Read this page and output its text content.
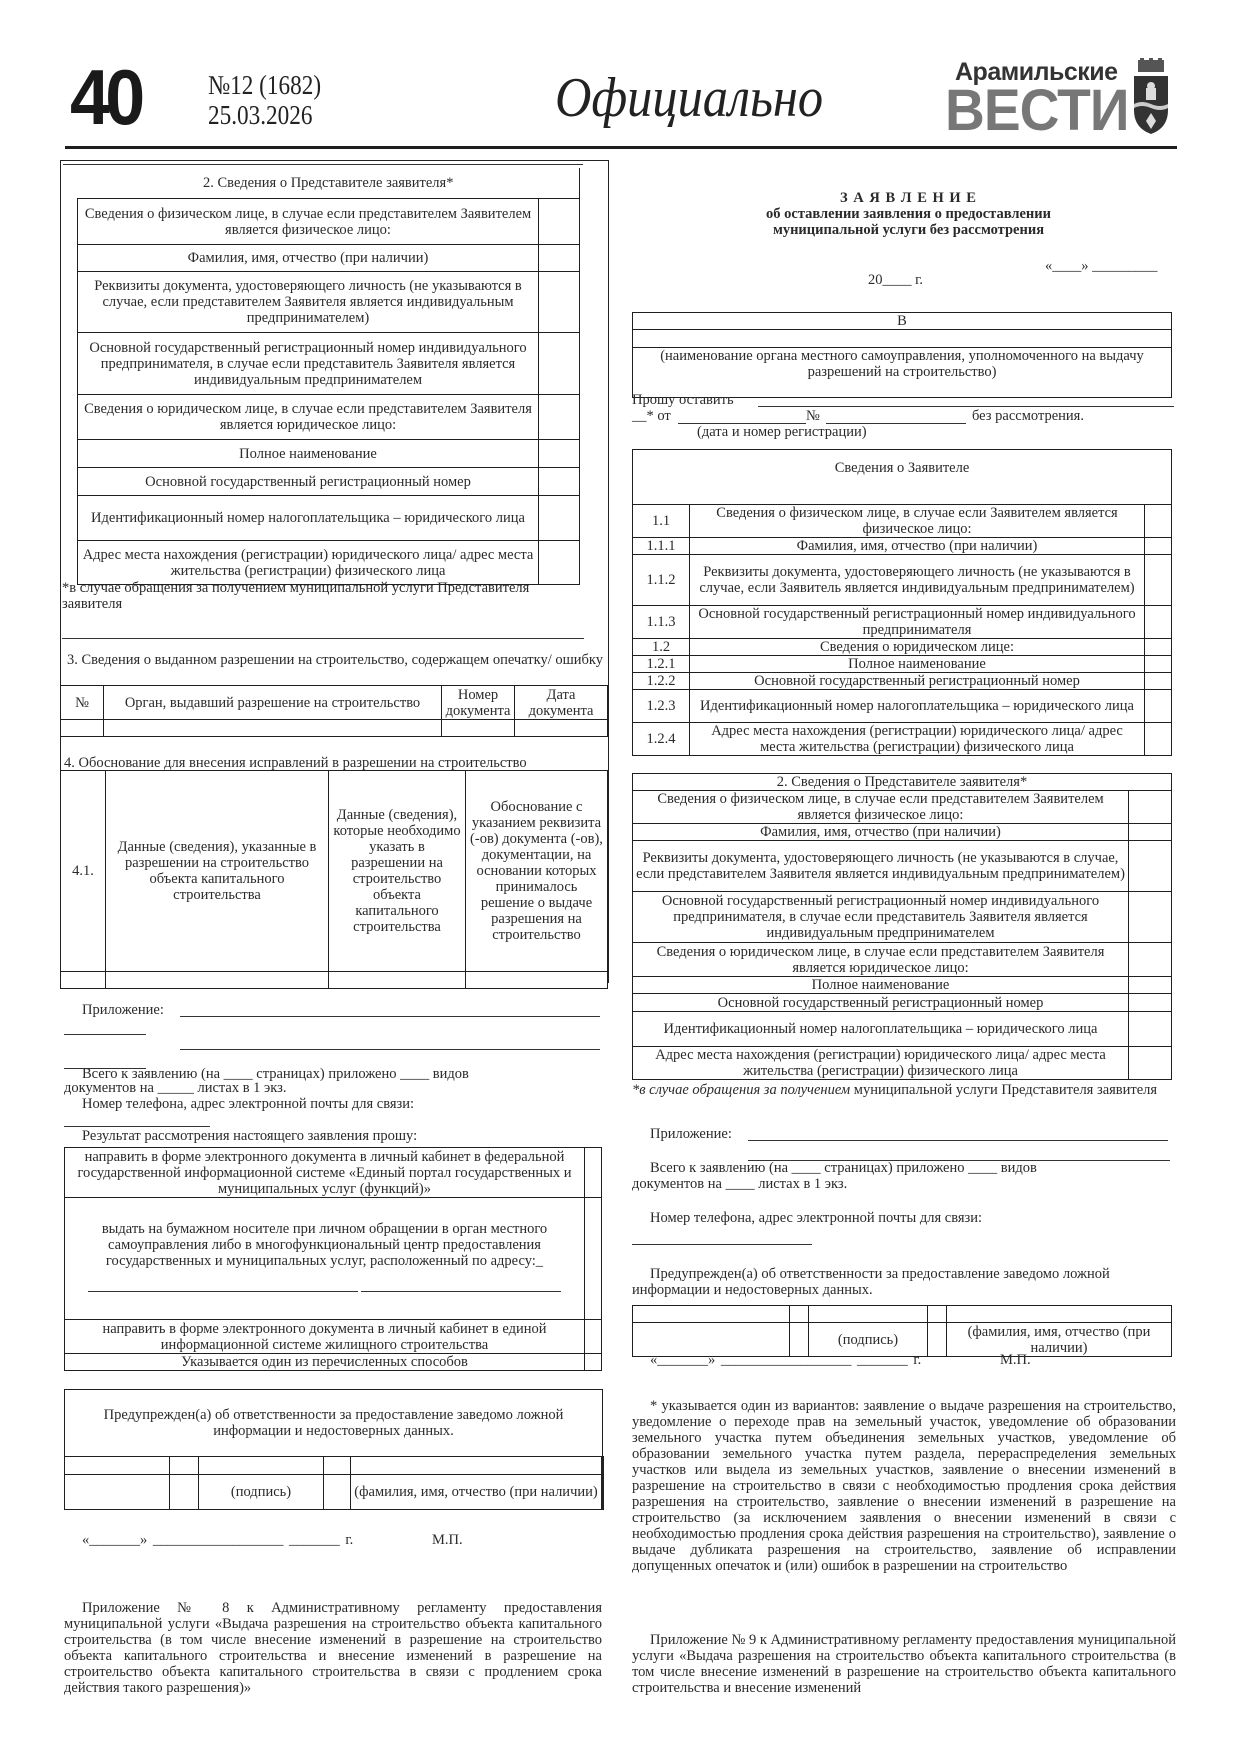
40 №12 (1682)
25.03.2026	Официально	Арамильские
ВЕСТИ
2. Сведения о Представителе заявителя*	
Сведения о физическом лице, в случае если представителем Заявителем является физическое лицо:	
Фамилия, имя, отчество (при наличии)	
Реквизиты документа, удостоверяющего личность (не указываются в случае, если представителем Заявителя является индивидуальным предпринимателем)	
Основной государственный регистрационный номер индивидуального предпринимателя, в случае если представитель Заявителя является индивидуальным предпринимателем	
Сведения о юридическом лице, в случае если представителем Заявителя является юридическое лицо:	
Полное наименование	
Основной государственный регистрационный номер	
Идентификационный номер налогоплательщика – юридического лица	
Адрес места нахождения (регистрации) юридического лица/ адрес места жительства (регистрации) физического лица	
*в случае обращения за получением муниципальной услуги Представителя заявителя
3. Сведения о выданном разрешении на строительство, содержащем опечатку/ ошибку
№	Орган, выдавший разрешение на строительство	Номер документа	Дата документа

4. Обоснование для внесения исправлений в разрешении на строительство
4.1.	Данные (сведения), указанные в разрешении на строительство объекта капитального строительства	Данные (сведения), которые необходимо указать в разрешении на строительство объекта капитального строительства	Обоснование с указанием реквизита (-ов) документа (-ов), документации, на основании которых принималось решение о выдаче разрешения на строительство

Приложение:
Всего к заявлению (на ____ страницах) приложено ____ видов
документов на _____ листах в 1 экз.
Номер телефона, адрес электронной почты для связи:
Результат рассмотрения настоящего заявления прошу:
направить в форме электронного документа в личный кабинет в федеральной государственной информационной системе «Единый портал государственных и муниципальных услуг (функций)»	
выдать на бумажном носителе при личном обращении в орган местного самоуправления либо в многофункциональный центр предоставления государственных и муниципальных услуг, расположенный по адресу:_

направить в форме электронного документа в личный кабинет в единой информационной системе жилищного строительства	
Указывается один из перечисленных способов	
Предупрежден(а) об ответственности за предоставление заведомо ложной информации и недостоверных данных.				

		(подпись)		(фамилия, имя, отчество (при наличии)
«_______» __________________ _______ г.	М.П.
Приложение № 8 к Административному регламенту предоставления муниципальной услуги «Выдача разрешения на строительство объекта капитального строительства (в том числе внесение изменений в разрешение на строительство объекта капитального строительства и внесение изменений в разрешение на строительство объекта капитального строительства в связи с продлением срока действия такого разрешения)»
З А Я В Л Е Н И Е
об оставлении заявления о предоставлении
муниципальной услуги без рассмотрения
«____» _________
20____ г.
В

(наименование органа местного самоуправления, уполномоченного на выдачу разрешений на строительство)
Прошу оставить
__* от	№	без рассмотрения.
(дата и номер регистрации)
Сведения о Заявителе		
1.1	Сведения о физическом лице, в случае если Заявителем является физическое лицо:	
1.1.1	Фамилия, имя, отчество (при наличии)	
1.1.2	Реквизиты документа, удостоверяющего личность (не указываются в случае, если Заявитель является индивидуальным предпринимателем)	
1.1.3	Основной государственный регистрационный номер индивидуального предпринимателя	
1.2	Сведения о юридическом лице:	
1.2.1	Полное наименование	
1.2.2	Основной государственный регистрационный номер	
1.2.3	Идентификационный номер налогоплательщика – юридического лица	
1.2.4	Адрес места нахождения (регистрации) юридического лица/ адрес места жительства (регистрации) физического лица	
2. Сведения о Представителе заявителя*	
Сведения о физическом лице, в случае если представителем Заявителем является физическое лицо:	
Фамилия, имя, отчество (при наличии)	
Реквизиты документа, удостоверяющего личность (не указываются в случае, если представителем Заявителя является индивидуальным предпринимателем)	
Основной государственный регистрационный номер индивидуального предпринимателя, в случае если представитель Заявителя является индивидуальным предпринимателем	
Сведения о юридическом лице, в случае если представителем Заявителя является юридическое лицо:	
Полное наименование	
Основной государственный регистрационный номер	
Идентификационный номер налогоплательщика – юридического лица	
Адрес места нахождения (регистрации) юридического лица/ адрес места жительства (регистрации) физического лица	
*в случае обращения за получением муниципальной услуги Представителя заявителя
Приложение:
Всего к заявлению (на ____ страницах) приложено ____ видов
документов на ____ листах в 1 экз.
Номер телефона, адрес электронной почты для связи:
Предупрежден(а) об ответственности за предоставление заведомо ложной информации и недостоверных данных.

		(подпись)		(фамилия, имя, отчество (при наличии)
«_______» __________________ _______ г.	М.П.
* указывается один из вариантов: заявление о выдаче разрешения на строительство, уведомление о переходе прав на земельный участок, уведомление об образовании земельного участка путем объединения земельных участков, уведомление об образовании земельного участка путем раздела, перераспределения земельных участков или выдела из земельных участков, заявление о внесении изменений в разрешение на строительство в связи с необходимостью продления срока действия разрешения на строительство, заявление о внесении изменений в разрешение на строительство (за исключением заявления о внесении изменений в связи с необходимостью продления срока действия разрешения на строительство), заявление о выдаче дубликата разрешения на строительство, заявление об исправлении допущенных опечаток и (или) ошибок в разрешении на строительство
Приложение № 9 к Административному регламенту предоставления муниципальной услуги «Выдача разрешения на строительство объекта капитального строительства (в том числе внесение изменений в разрешение на строительство объекта капитального строительства и внесение изменений
